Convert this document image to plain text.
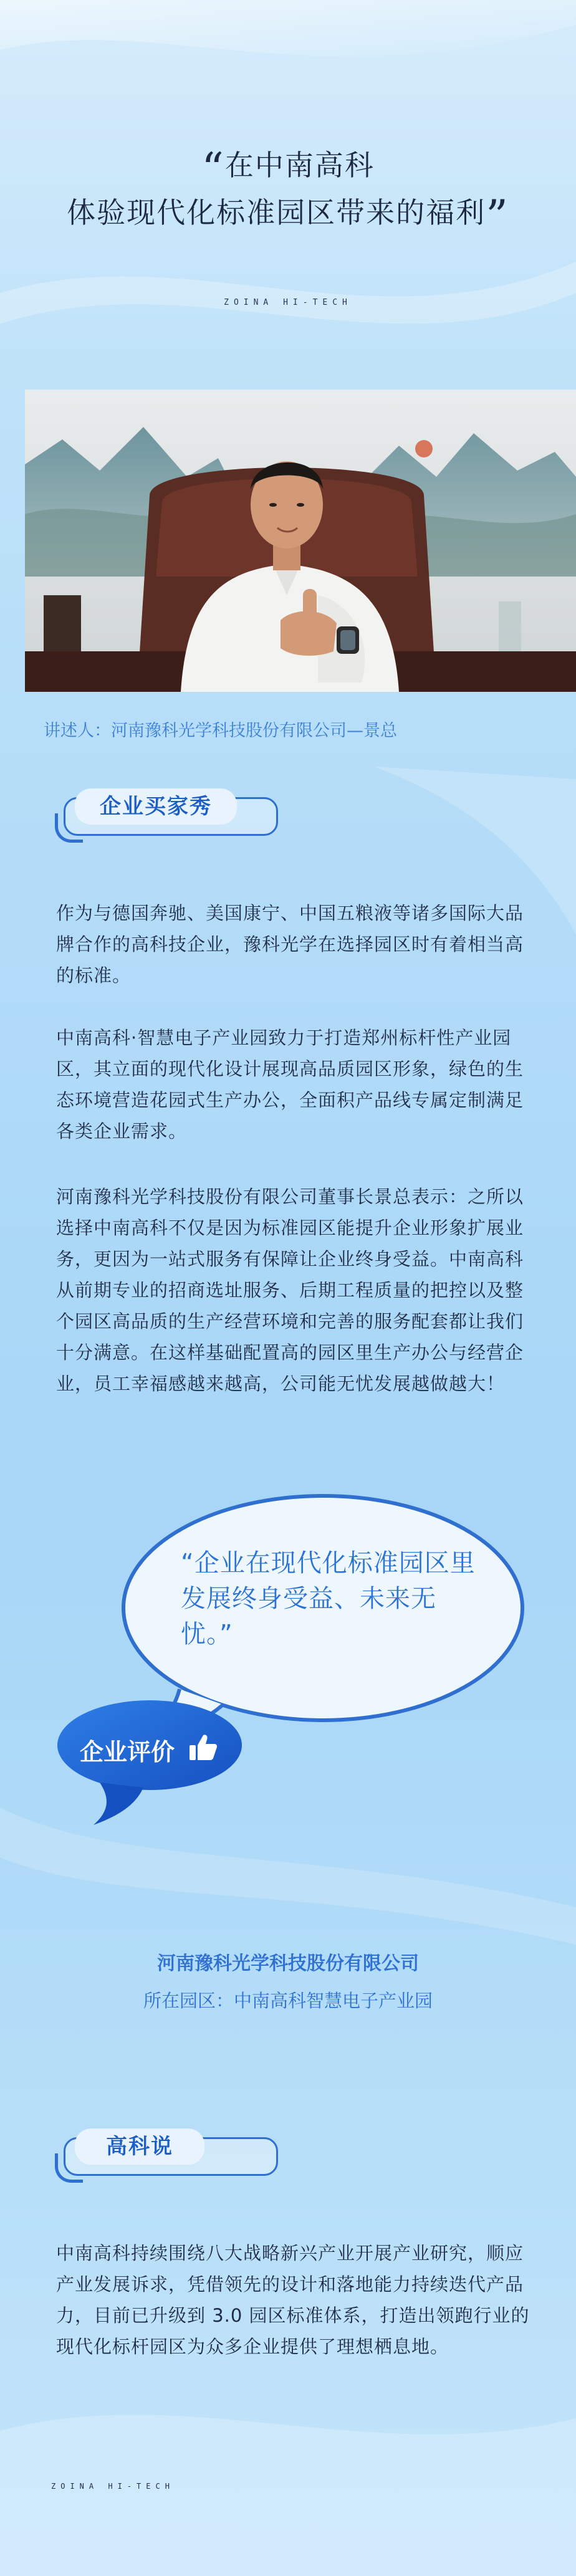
“在中南高科
体验现代化标准园区带来的福利”
ZOINA HI-TECH
讲述人：河南豫科光学科技股份有限公司—景总
企业买家秀
作为与德国奔驰、美国康宁、中国五粮液等诸多国际大品牌合作的高科技企业，豫科光学在选择园区时有着相当高的标准。
中南高科·智慧电子产业园致力于打造郑州标杆性产业园区，其立面的现代化设计展现高品质园区形象，绿色的生态环境营造花园式生产办公，全面积产品线专属定制满足各类企业需求。
河南豫科光学科技股份有限公司董事长景总表示：之所以选择中南高科不仅是因为标准园区能提升企业形象扩展业务，更因为一站式服务有保障让企业终身受益。中南高科从前期专业的招商选址服务、后期工程质量的把控以及整个园区高品质的生产经营环境和完善的服务配套都让我们十分满意。在这样基础配置高的园区里生产办公与经营企业，员工幸福感越来越高，公司能无忧发展越做越大！
“企业在现代化标准园区里发展终身受益、未来无忧。”
企业评价
河南豫科光学科技股份有限公司
所在园区：中南高科智慧电子产业园
高科说
中南高科持续围绕八大战略新兴产业开展产业研究，顺应产业发展诉求，凭借领先的设计和落地能力持续迭代产品力，目前已升级到 3.0 园区标准体系，打造出领跑行业的现代化标杆园区为众多企业提供了理想栖息地。
ZOINA HI-TECH
